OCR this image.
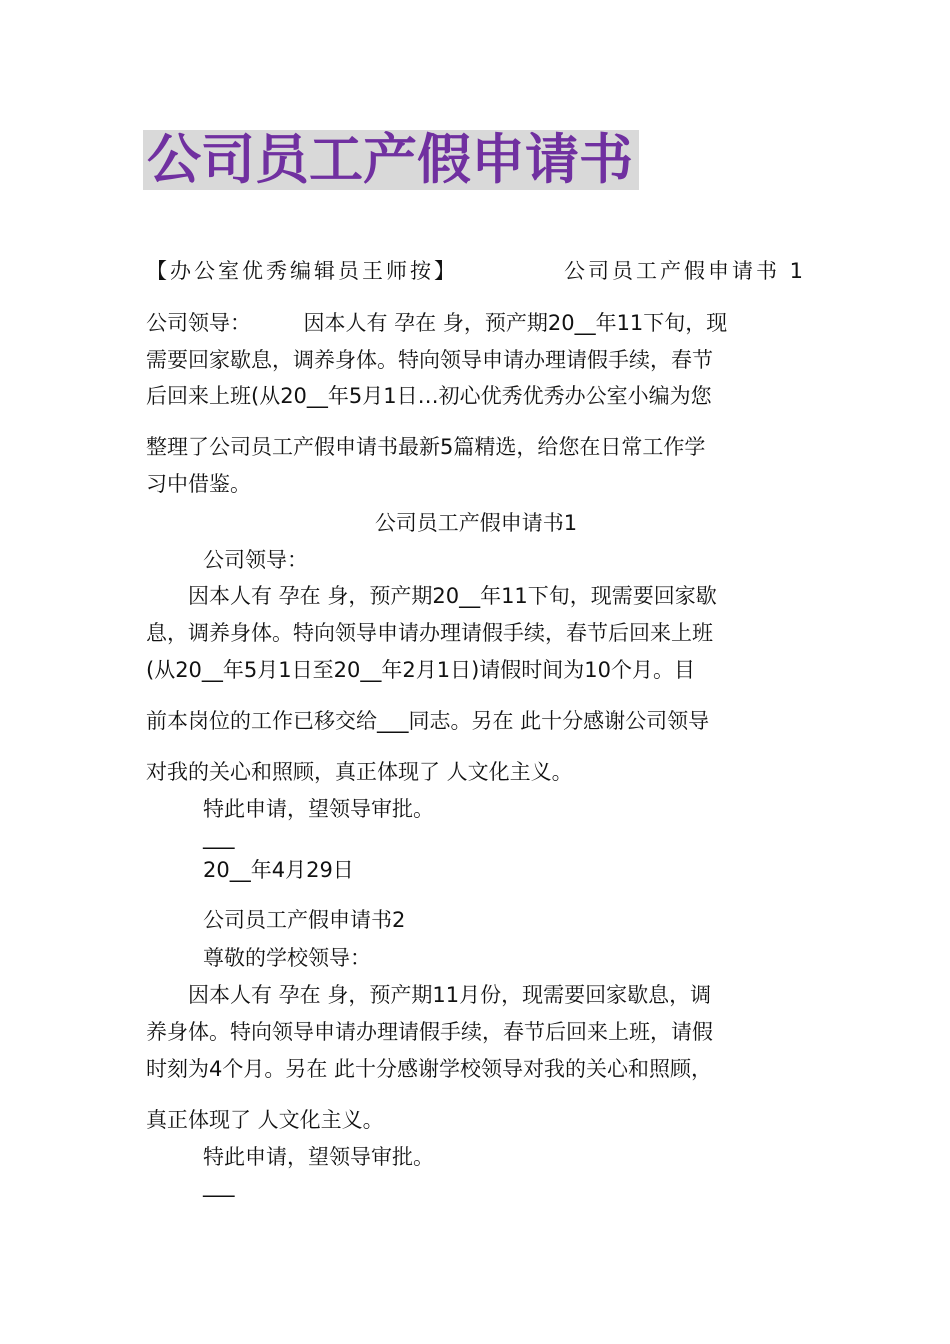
公司员工产假申请书
【办公室优秀编辑员王师按】	公司员工产假申请书 1
公司领导：　　　因本人有 孕在 身，预产期20__年11下旬，现
需要回家歇息，调养身体。特向领导申请办理请假手续，春节
后回来上班(从20__年5月1日…初心优秀优秀办公室小编为您
整理了公司员工产假申请书最新5篇精选，给您在日常工作学
习中借鉴。
公司员工产假申请书1
公司领导：
　　因本人有 孕在 身，预产期20__年11下旬，现需要回家歇
息，调养身体。特向领导申请办理请假手续，春节后回来上班
(从20__年5月1日至20__年2月1日)请假时间为10个月。目
前本岗位的工作已移交给___同志。另在 此十分感谢公司领导
对我的关心和照顾，真正体现了 人文化主义。
特此申请，望领导审批。
___
20__年4月29日
公司员工产假申请书2
尊敬的学校领导：
　　因本人有 孕在 身，预产期11月份，现需要回家歇息，调
养身体。特向领导申请办理请假手续，春节后回来上班，请假
时刻为4个月。另在 此十分感谢学校领导对我的关心和照顾，
真正体现了 人文化主义。
特此申请，望领导审批。
___
